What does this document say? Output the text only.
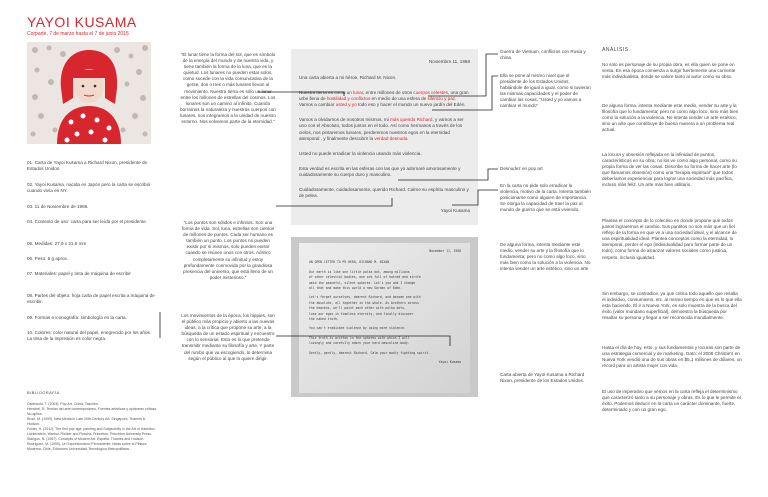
YAYOI KUSAMA
Corparte, 7 de marzo hasta el 7 de junio 2015
01. Carta de Yayoi Kusama a Richard Nixon, presidente de Estados Unidos.
02. Yayoi Kusama, nacida en Japón pero la carta se escribió cuando vivía en NY.
03. 11 de Noviembre de 1968.
04. Contexto de uso: carta para ser leída por el presidente.
05. Medidas: 27,9 x 21,6 mm
06. Peso: 5 g aprox.
07. Materiales: papel y tinta de máquina de escribir
08. Partes del objeto: hoja carta de papel escrita a máquina de escribir.
09. Formas e iconografía: simbología en la carta.
10. Colores: color natural del papel, enegrecido por los años. La tinta de la impresión es color negra.
BIBLIOGRAFÍA

Osterwold, T. (2003). Pop Art. China, Taschen.

Hendriel, R. Teorías del arte contemporáneo. Fuentes artísticas y opiniones críticas. No aplica.

Rush, M. (1999). New Media in Late 20th-Century Art. Singapore, Thames & Hudson.

Foster, H. (2012). The first pop age: painting and Subjectivity in the Art of Hamilton, Lichtenstein, Warhol, Richter and Ruscha. Princeton, Princeton University Press.

Stangos, N. (1987). Concepts of Modern Art. España, Thames and Hudson.

Rodríguez, M. (1999). Un Expresionismo Permanente. Ideas sobre la Pintura Moderna. Chile, Ediciones Universidad Tecnológica Metropolitana.

"El lunar tiene la forma del sol, que es símbolo de la energía del mundo y de nuestra vida, y tiene también la forma de la luna, que es la quietud. Los lunares no pueden estar solos, como sucede con la vida comunicativa de la gente, dos o tres o más lunares llevan al movimiento. Nuestra tierra es sólo un lunar entre los millones de estrellas del cosmos. Los lunares son un camino al infinito. Cuando borramos la naturaleza y nuestros cuerpos con lunares, nos integramos a la unidad de nuestro entorno. Nos volvemos parte de la eternidad."
"Los puntos son sólidos e infinitos. Son una forma de vida. Sol, luna, estrellas son cientos de millones de puntos. Cada ser humano es también un punto. Los puntos no pueden existir por sí mismos, solo pueden existir cuando se reúnen unos con otros. Admiro completamente su infinitud y estoy profundamente conmovida por la grandiosa presencia del universo, que está lleno de un poder misterioso."
Los movimientos de la época, los hippies, son el público más propicio y abierto a las nuevas ideas, a la crítica que propone su arte, a la búsqueda de un estado espiritual y encuentro con lo sensorial. Esto es lo que pretende transmitir mediante su filosofía y arte. Y parte del rumbo que va escogiendo, lo determina según el público al que lo quiere dirigir.
Noviembre 11, 1968

Una carta abierta a mi héroe, Richard M. Nixon.

Nuestra tierra es como un lunar, entre millones de otros cuerpos celestes, una gran urbe llena de hostilidad y conflictos en medio de una esfera de silencio y paz. Vamos a cambiar usted y yo todo eso y hacer el mundo un nuevo jardín del Edén.

Vamos a olvidarnos de nosotros mismos, mi más querido Richard, y vamos a ser uno con el Absoluto, todos juntos en el todo. Así como hermanos a través de los cielos, nos pintaremos lunares, perderemos nuestros egos en la eternidad atemporal , y finalmente descubrir la verdad desnuda.

Usted no puede erradicar la violencia usando más violencia.

Esta verdad es escrita en las esferas con las que yo adornaré amorosamente y cuidadosamente su cuerpo duro y masculino.

Cuidadosamente, cuidadosamente, querido Richard. Calme su espíritu masculino y de pelea.

Yayoi Kusama
November 11, 1968
AN OPEN LETTER TO MY HERO, RICHARD M. NIXON
Our earth is like one little polka dot, among millions
of other celestial bodies, one orb full of hatred and strife
amid the peaceful, silent spheres. Let's you and I change
all that and make this world a new Garden of Eden.
Let's forget ourselves, dearest Richard, and become one with
the absolute, all together in the whole. As brothers across
the heavens, we'll paint each other with polka dots,
lose our egos in timeless eternity, and finally discover
the naked truth.
You can't eradicate violence by using more violence.
This truth is written in the spheres with which I will
lovingly and carefully adorn your hard masculine body.
Gently, gently, dearest Richard. Calm your manly fighting spirit.
Yayoi Kusama
Guerra de Vietnam, conflictos con Rusia y china.
Ella se pone al mismo nivel que el presidente de los Estados Unidos, hablándole de igual a igual, como si tuvieran las mismas capacidades y el poder de cambiar las cosas. "Usted y yo vamos a cambiar el mundo"
Desnudez en pop art
En la carta no pide solo erradicar la violencia, motivo de la carta. Intenta también posicionarse como alguien de importancia. Se otorga la capacidad de traer la paz al mundo de guerra que se está viviendo.
De alguna forma, intenta mediante este medio, vender su arte y la filosofía que lo fundamenta; pero no como algo loco, sino más bien como la solución a la violencia. No intenta vender un arte estético, sino un arte
Carta abierta de Yayoi Kusama a Richard Nixon, presidente de los Estados Unidos.
ANÁLISIS
No solo es personaje de su propia obra, es ella quien se pone en venta. En esa época comienza a surgir fuertemente una corriente más individualista, donde se valore tanto al autor como su obra.
De alguna forma, intenta mediante este medio, vender su arte y la filosofía que lo fundamenta; pero no como algo loco, sino más bien como la solución a la violencia. No intenta vender un arte estético, sino un arte que contribuye de buena manera a un problema real actual.
La locura y obsesión reflejada en la infinidad de puntos, característicos en su obra, no los ve como algo personal, como su propia forma de ver las cosas. Describe su forma de hacer arte (lo que llamamos obsesión) como una "terapia espiritual" que todos deberíamos experienciar para lograr una sociedad más pacífica, incluso más feliz. Un arte más bien utilitario.
Plantea el concepto de lo colectivo en donde propone que todos juntos lograremos el cambio. Sus puntitos no son más que un fiel reflejo de la forma en que ve a una sociedad ideal, y el alcance de una espiritualidad ideal. Plantea conceptos como la eternidad, lo atemporal, perder el ego (individualidad para formar parte de un todo), como forma de alcanzar valores sociales como justicia, respeto, inclusio igualdad.
Sin embargo, se contradice, ya que critica todo aquello que resalta el individuo, consumismo, etc. al mismo tiempo en que es lo que ella esta haciendo. El ir a Nueva York, es solo muestra de la busca del éxito (valor mundano superficial), demuestra la búsqueda por resaltar su persona y llegar a ser reconocida mundialmente.
Hasta el día de hoy, esto, y sus fundamentos y locuras son parte de una estrategia comercial y de marketing. Dato: el 2008 Christie's en Nueva York vendió una de sus obras en $5,1 millones de dólares, un récord para un artista mujer con vida.
El uso de imperativo que vemos en la carta refleja el determinismo que caracterizó tanto a su personaje y obras. Es lo que le permite el éxito. Podemos deducir en la carta un carácter dominante, fuerte, determinado y con un gran ego.
